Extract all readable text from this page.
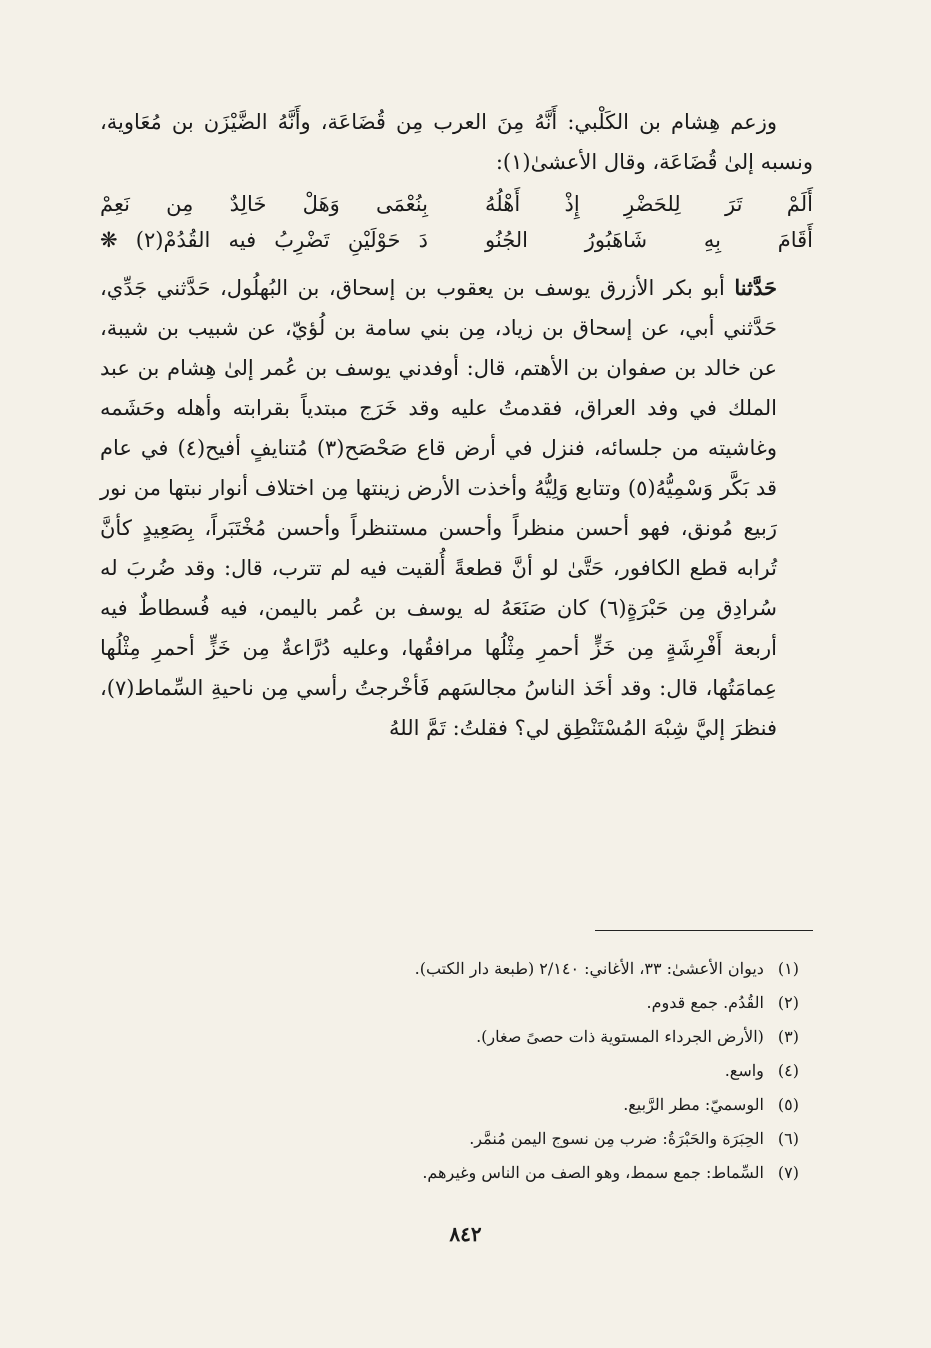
وزعم هِشام بن الكَلْبي: أَنَّهُ مِنَ العرب مِن قُضَاعَة، وأَنَّهُ الضَّيْزَن بن مُعَاوية، ونسبه إلىٰ قُضَاعَة، وقال الأعشىٰ(١):

أَلَمْ تَرَ لِلحَضْرِ إِذْ أَهْلُهُ
بِنُعْمَى وَهَلْ خَالِدٌ مِن نَعِمْ
أَقَامَ بِهِ شَاهَبُورُ الجُنُو
دَ حَوْلَيْنِ تَضْرِبُ فيه القُدُمْ(٢) ❋

حَدَّثنا أبو بكر الأزرق يوسف بن يعقوب بن إسحاق، بن البُهلُول، حَدَّثني جَدِّي، حَدَّثني أبي، عن إسحاق بن زياد، مِن بني سامة بن لُؤيّ، عن شبيب بن شيبة، عن خالد بن صفوان بن الأهتم، قال: أوفدني يوسف بن عُمر إلىٰ هِشام بن عبد الملك في وفد العراق، فقدمتُ عليه وقد خَرَج مبتدياً بقرابته وأهله وحَشَمه وغاشيته من جلسائه، فنزل في أرض قاع صَحْصَح(٣) مُتنايفٍ أفيح(٤) في عام قد بَكَّر وَسْمِيُّهُ(٥) وتتابع وَلِيُّهُ وأخذت الأرض زينتها مِن اختلاف أنوار نبتها من نور رَبيع مُونق، فهو أحسن منظراً وأحسن مستنظراً وأحسن مُخْتَبَراً، بِصَعِيدٍ كأنَّ تُرابه قطع الكافور، حَتَّىٰ لو أنَّ قطعةً أُلقيت فيه لم تترب، قال: وقد ضُربَ له سُرادِق مِن حَبْرَةٍ(٦) كان صَنَعَهُ له يوسف بن عُمر باليمن، فيه فُسطاطٌ فيه أربعة أَفْرِشَةٍ مِن خَزٍّ أحمرِ مِثْلُها مرافقُها، وعليه دُرَّاعةٌ مِن خَزٍّ أحمرِ مِثْلُها عِمامَتُها، قال: وقد أخَذ الناسُ مجالسَهم فَأخْرجتُ رأسي مِن ناحيةِ السِّماط(٧)، فنظرَ إليَّ شِبْهَ المُسْتَنْطِق لي؟ فقلتُ: تَمَّ اللهُ

(١) ديوان الأعشىٰ: ٣٣، الأغاني: ٢/١٤٠ (طبعة دار الكتب).
(٢) القُدُم. جمع قدوم.
(٣) (الأرض الجرداء المستوية ذات حصىً صغار).
(٤) واسع.
(٥) الوسميّ: مطر الرَّبيع.
(٦) الحِبَرَة والحَبْرَةُ: ضرب مِن نسوج اليمن مُنمَّر.
(٧) السِّماط: جمع سمط، وهو الصف من الناس وغيرهم.
٨٤٢
